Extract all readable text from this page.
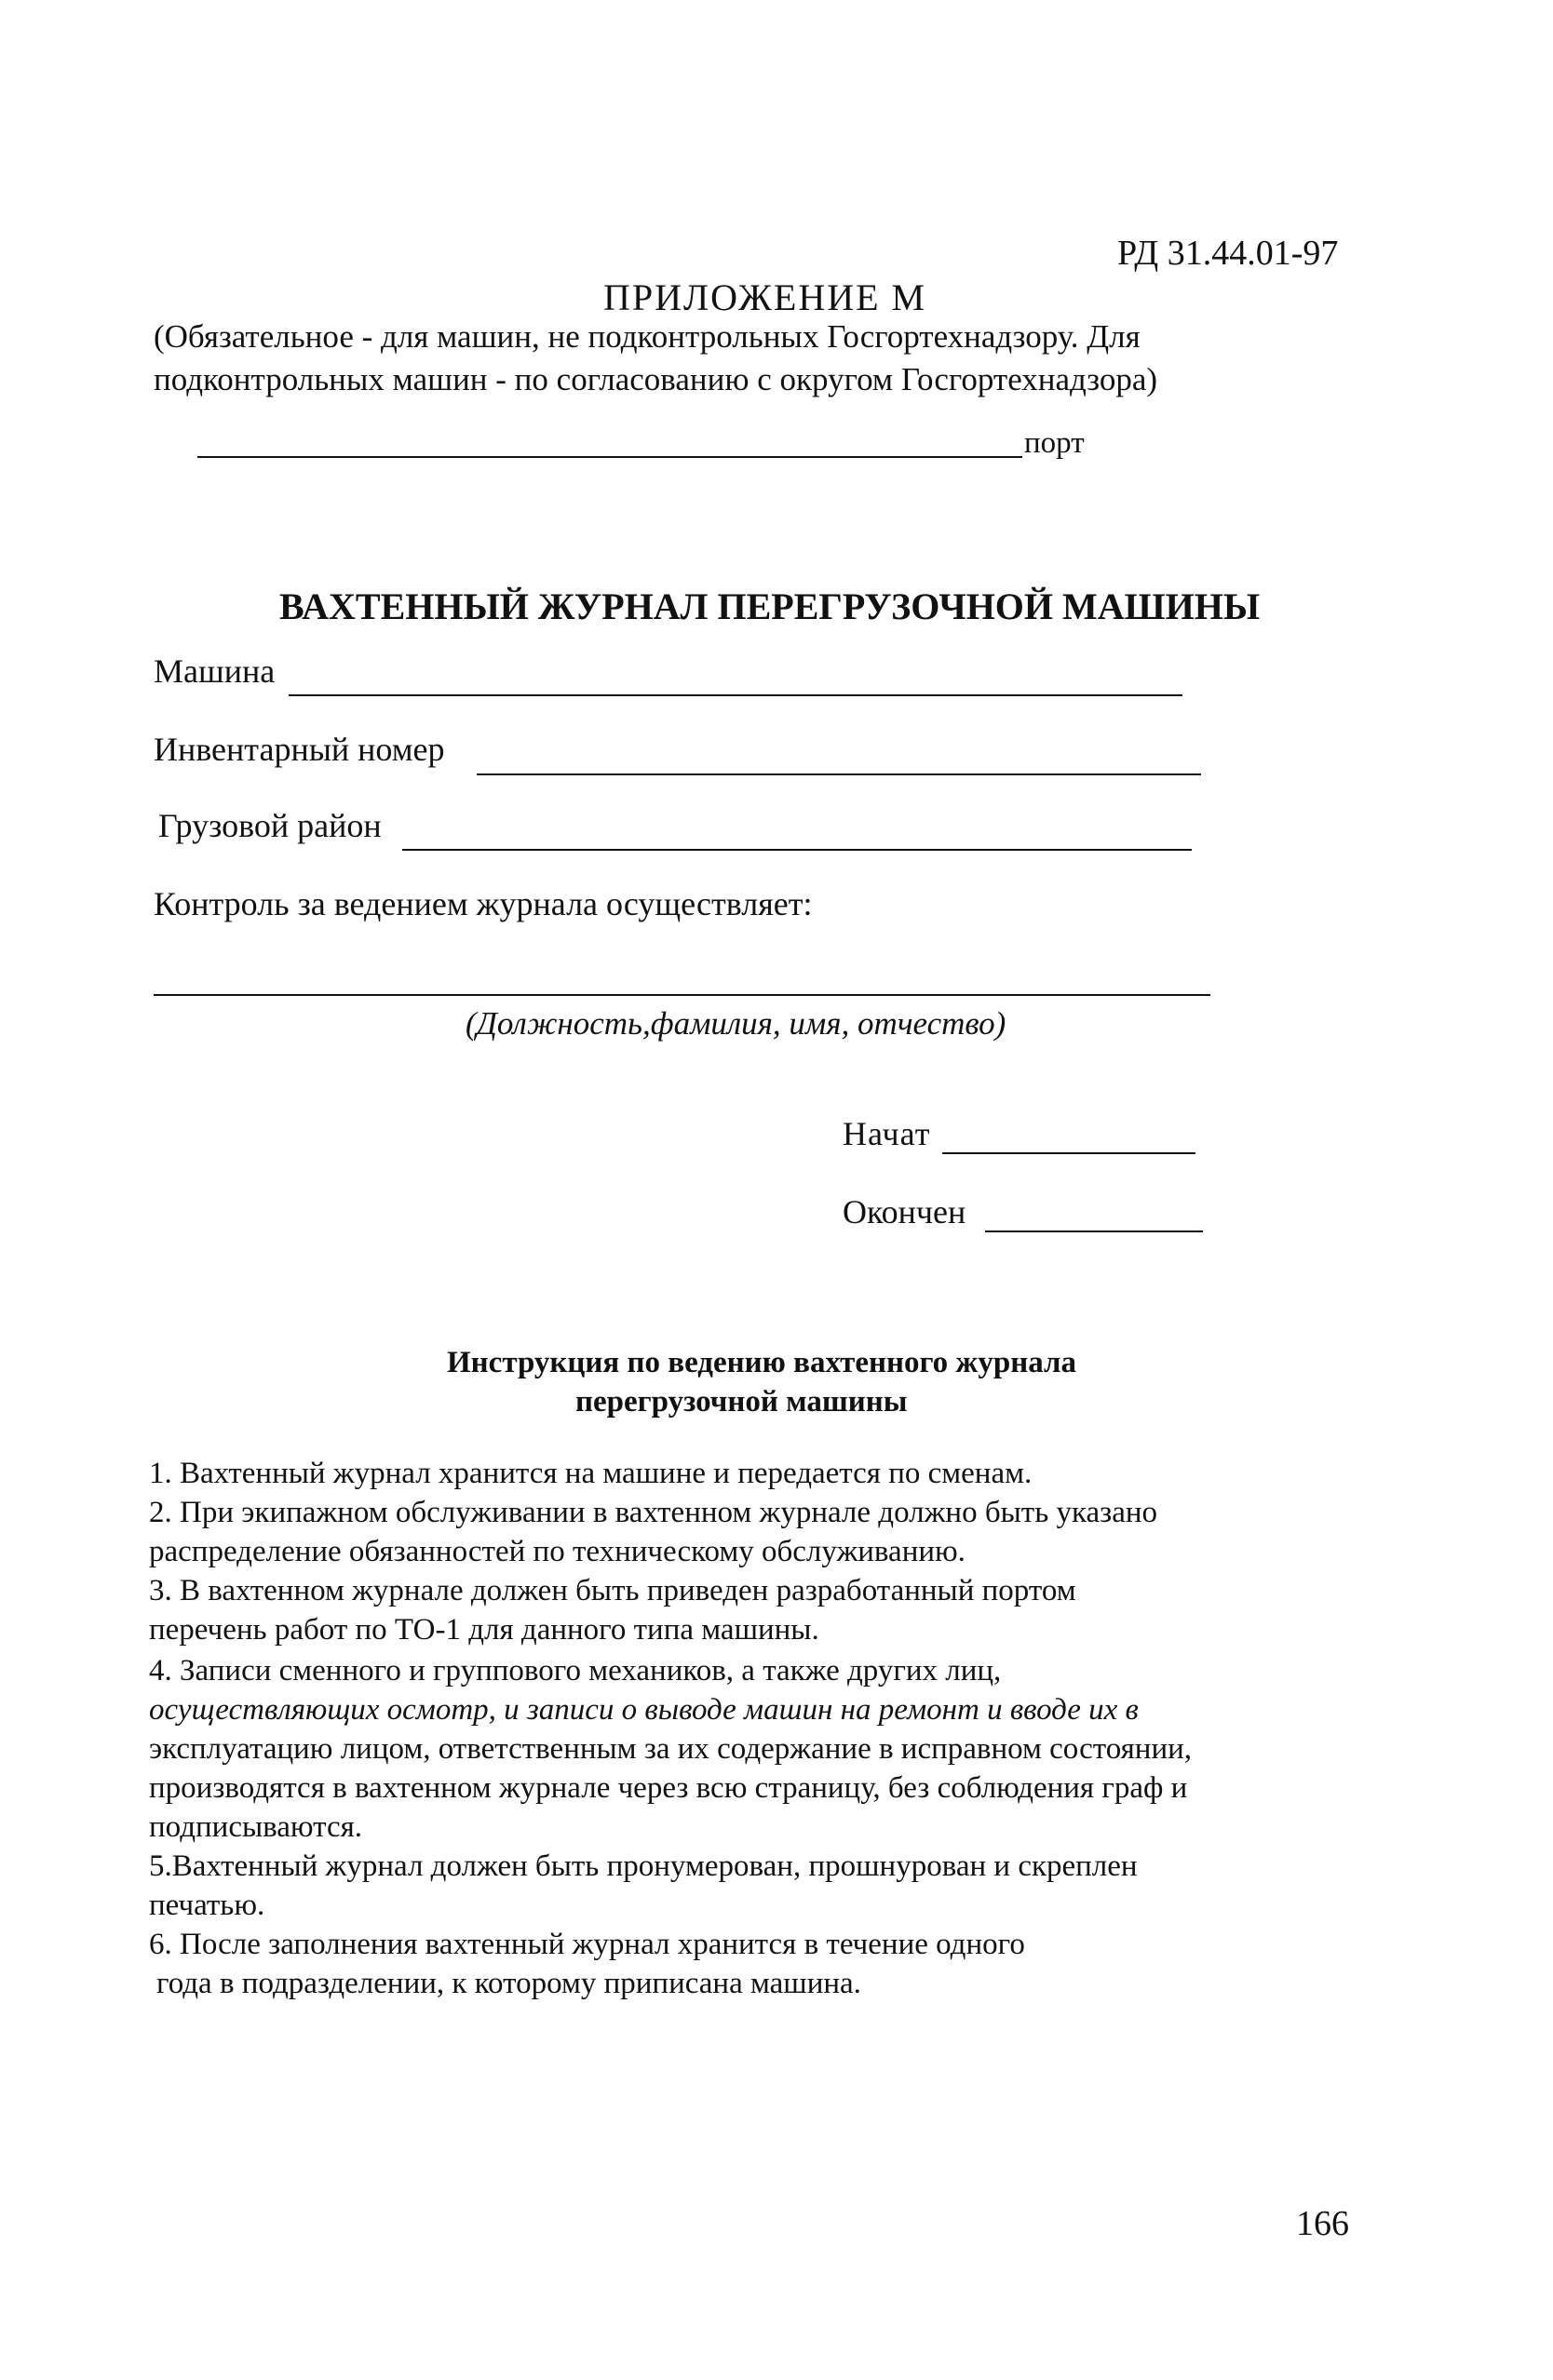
РД 31.44.01-97
ПРИЛОЖЕНИЕ М
(Обязательное - для машин, не подконтрольных Госгортехнадзору. Для
подконтрольных машин - по согласованию с округом Госгортехнадзора)
порт
ВАХТЕННЫЙ ЖУРНАЛ ПЕРЕГРУЗОЧНОЙ МАШИНЫ
Машина
Инвентарный номер
Грузовой район
Контроль за ведением журнала осуществляет:
(Должность,фамилия, имя, отчество)
Начат
Окончен
Инструкция по ведению вахтенного журнала
перегрузочной машины
1. Вахтенный журнал хранится на машине и передается по сменам.
2. При экипажном обслуживании в вахтенном журнале должно быть указано
распределение обязанностей по техническому обслуживанию.
3. В вахтенном журнале должен быть приведен разработанный портом
перечень работ по ТО-1 для данного типа машины.
4. Записи сменного и группового механиков, а также других лиц,
осуществляющих осмотр, и записи о выводе машин на ремонт и вводе их в
эксплуатацию лицом, ответственным за их содержание в исправном состоянии,
производятся в вахтенном журнале через всю страницу, без соблюдения граф и
подписываются.
5.Вахтенный журнал должен быть пронумерован, прошнурован и скреплен
печатью.
6. После заполнения вахтенный журнал хранится в течение одного
года в подразделении, к которому приписана машина.
166
